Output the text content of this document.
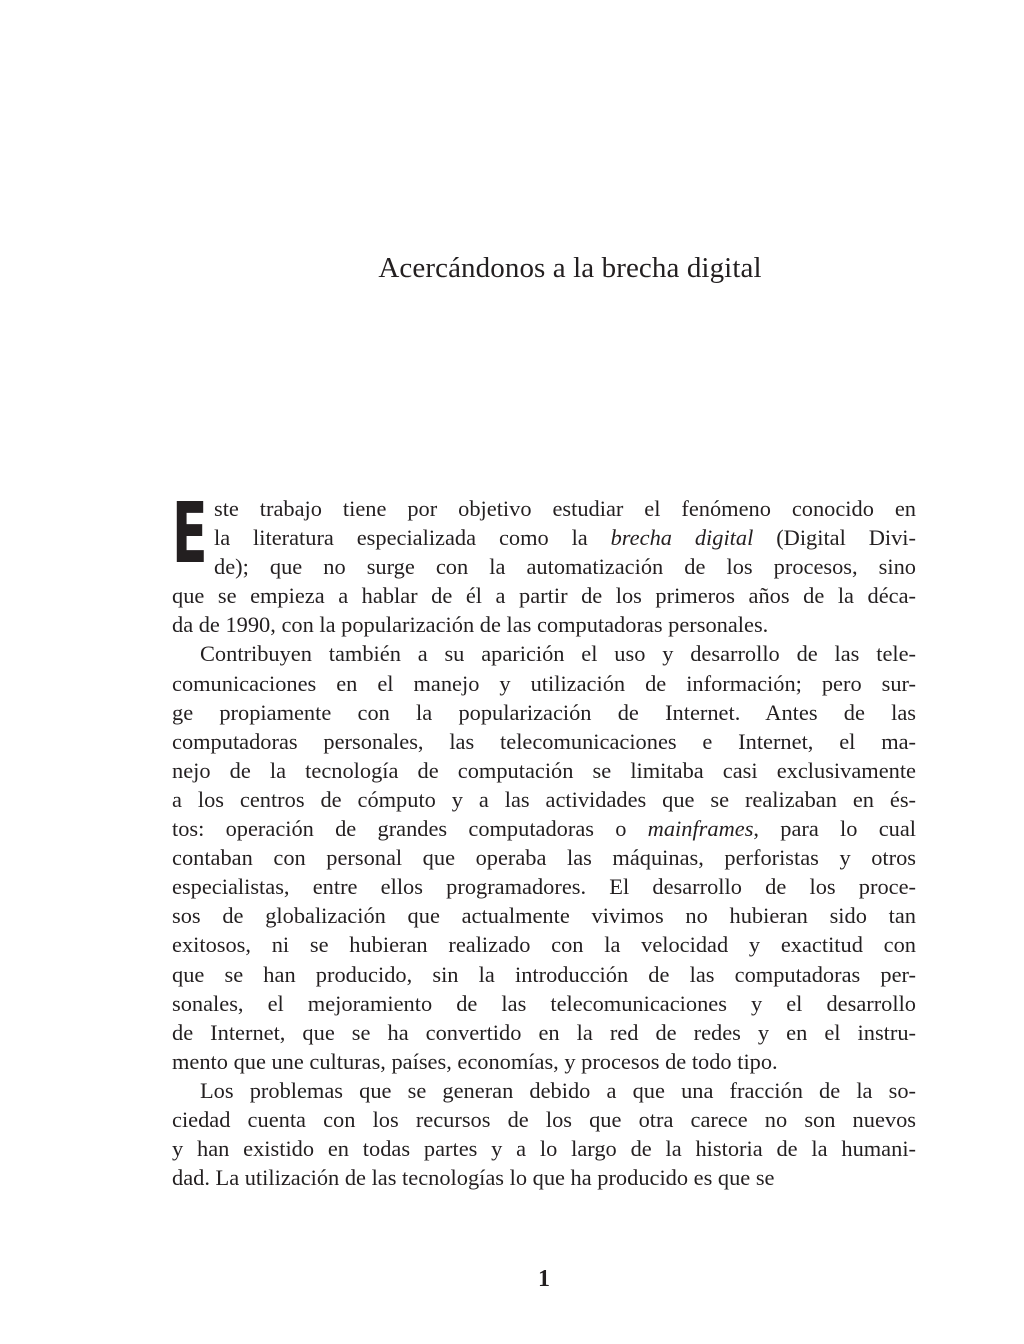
Acercándonos a la brecha digital

E ste trabajo tiene por objetivo estudiar el fenómeno conocido en
la literatura especializada como la brecha digital (Digital Divi-
de); que no surge con la automatización de los procesos, sino
que se empieza a hablar de él a partir de los primeros años de la déca-
da de 1990, con la popularización de las computadoras personales.

Contribuyen también a su aparición el uso y desarrollo de las tele-
comunicaciones en el manejo y utilización de información; pero sur-
ge propiamente con la popularización de Internet. Antes de las
computadoras personales, las telecomunicaciones e Internet, el ma-
nejo de la tecnología de computación se limitaba casi exclusivamente
a los centros de cómputo y a las actividades que se realizaban en és-
tos: operación de grandes computadoras o mainframes, para lo cual
contaban con personal que operaba las máquinas, perforistas y otros
especialistas, entre ellos programadores. El desarrollo de los proce-
sos de globalización que actualmente vivimos no hubieran sido tan
exitosos, ni se hubieran realizado con la velocidad y exactitud con
que se han producido, sin la introducción de las computadoras per-
sonales, el mejoramiento de las telecomunicaciones y el desarrollo
de Internet, que se ha convertido en la red de redes y en el instru-
mento que une culturas, países, economías, y procesos de todo tipo.

Los problemas que se generan debido a que una fracción de la so-
ciedad cuenta con los recursos de los que otra carece no son nuevos
y han existido en todas partes y a lo largo de la historia de la humani-
dad. La utilización de las tecnologías lo que ha producido es que se

1
